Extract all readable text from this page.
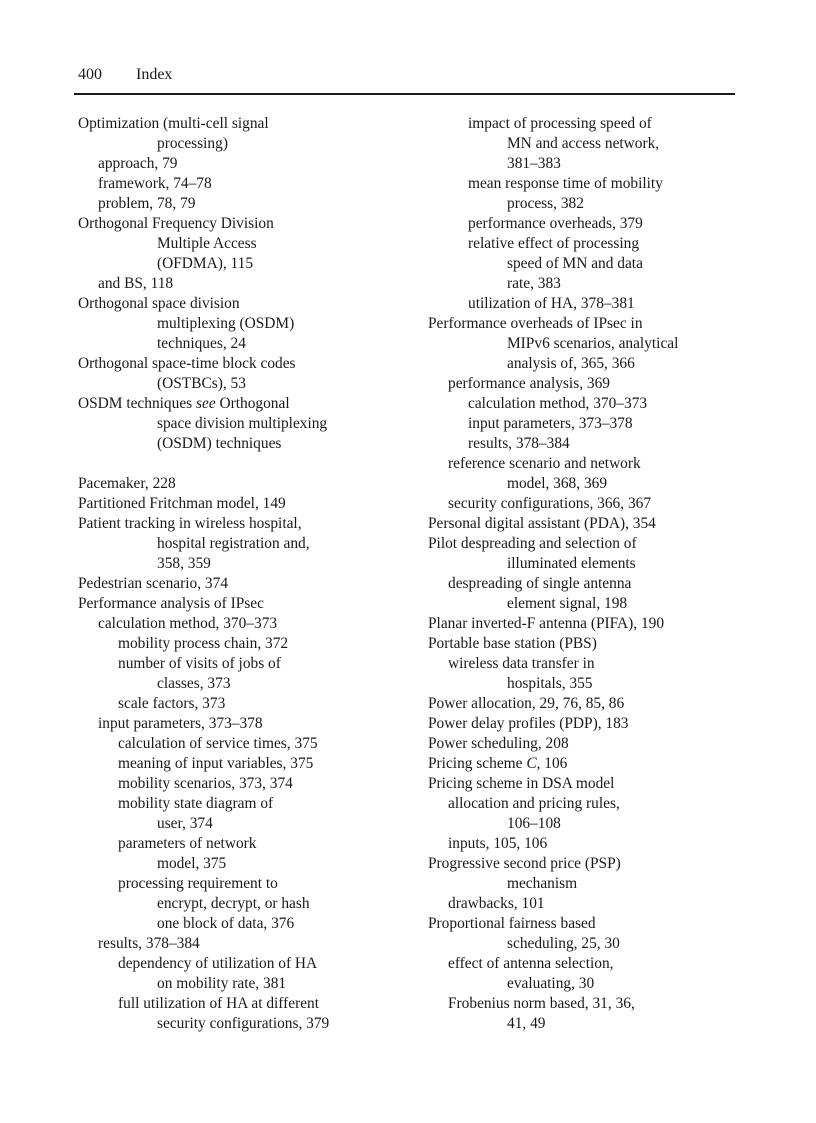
400 Index
Optimization (multi-cell signal
processing)
approach, 79
framework, 74–78
problem, 78, 79
Orthogonal Frequency Division
Multiple Access
(OFDMA), 115
and BS, 118
Orthogonal space division
multiplexing (OSDM)
techniques, 24
Orthogonal space-time block codes
(OSTBCs), 53
OSDM techniques see Orthogonal
space division multiplexing
(OSDM) techniques
Pacemaker, 228
Partitioned Fritchman model, 149
Patient tracking in wireless hospital,
hospital registration and,
358, 359
Pedestrian scenario, 374
Performance analysis of IPsec
calculation method, 370–373
mobility process chain, 372
number of visits of jobs of
classes, 373
scale factors, 373
input parameters, 373–378
calculation of service times, 375
meaning of input variables, 375
mobility scenarios, 373, 374
mobility state diagram of
user, 374
parameters of network
model, 375
processing requirement to
encrypt, decrypt, or hash
one block of data, 376
results, 378–384
dependency of utilization of HA
on mobility rate, 381
full utilization of HA at different
security configurations, 379
impact of processing speed of
MN and access network,
381–383
mean response time of mobility
process, 382
performance overheads, 379
relative effect of processing
speed of MN and data
rate, 383
utilization of HA, 378–381
Performance overheads of IPsec in
MIPv6 scenarios, analytical
analysis of, 365, 366
performance analysis, 369
calculation method, 370–373
input parameters, 373–378
results, 378–384
reference scenario and network
model, 368, 369
security configurations, 366, 367
Personal digital assistant (PDA), 354
Pilot despreading and selection of
illuminated elements
despreading of single antenna
element signal, 198
Planar inverted-F antenna (PIFA), 190
Portable base station (PBS)
wireless data transfer in
hospitals, 355
Power allocation, 29, 76, 85, 86
Power delay profiles (PDP), 183
Power scheduling, 208
Pricing scheme C, 106
Pricing scheme in DSA model
allocation and pricing rules,
106–108
inputs, 105, 106
Progressive second price (PSP)
mechanism
drawbacks, 101
Proportional fairness based
scheduling, 25, 30
effect of antenna selection,
evaluating, 30
Frobenius norm based, 31, 36,
41, 49
